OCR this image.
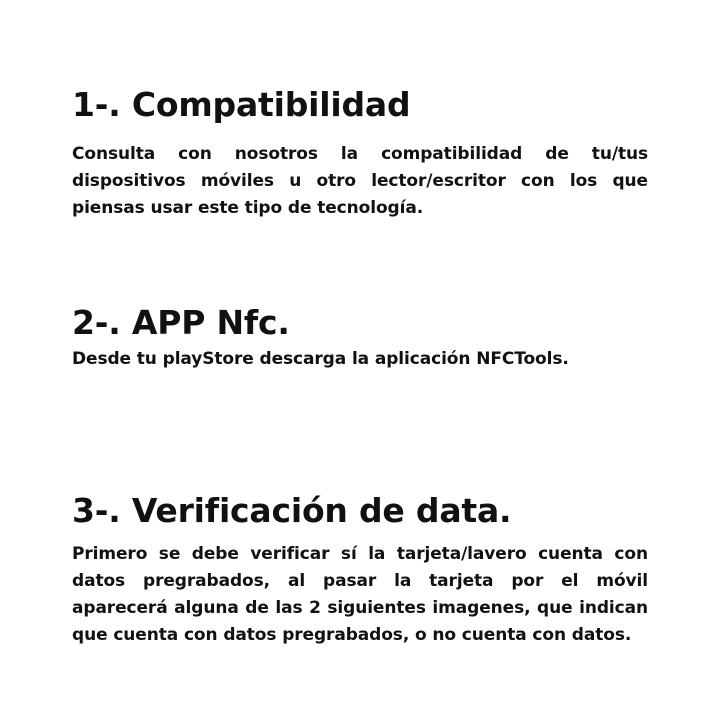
1-. Compatibilidad

Consulta con nosotros la compatibilidad de tu/tus dispositivos móviles u otro lector/escritor con los que piensas usar este tipo de tecnología.

2-. APP Nfc.

Desde tu playStore descarga la aplicación NFCTools.

3-. Verificación de data.

Primero se debe verificar sí la tarjeta/lavero cuenta con datos pregrabados, al pasar la tarjeta por el móvil aparecerá alguna de las 2 siguientes imagenes, que indican que cuenta con datos pregrabados, o no cuenta con datos.
